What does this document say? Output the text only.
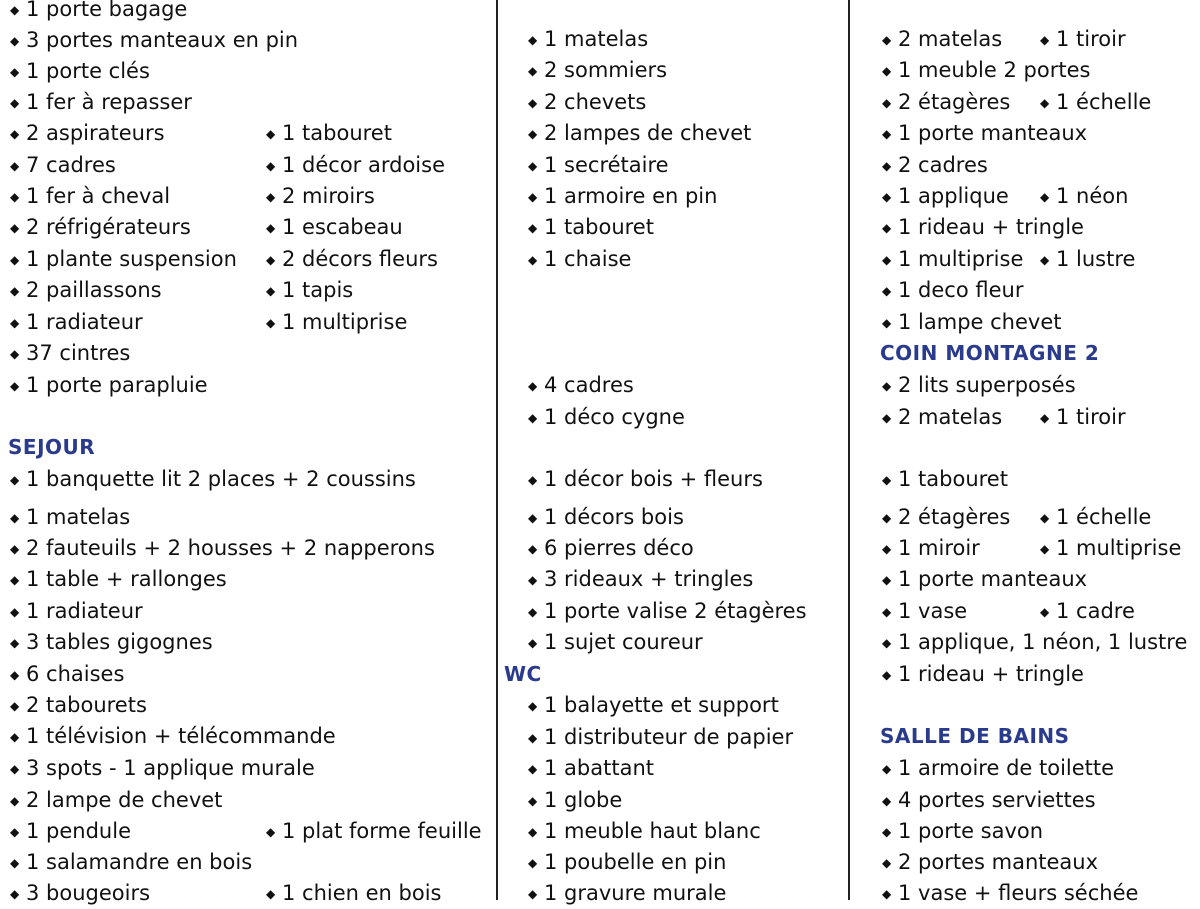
◆ 1 porte bagage
◆ 3 portes manteaux en pin
◆ 1 porte clés
◆ 1 fer à repasser
◆ 2 aspirateurs	◆ 1 tabouret
◆ 7 cadres	◆ 1 décor ardoise
◆ 1 fer à cheval	◆ 2 miroirs
◆ 2 réfrigérateurs	◆ 1 escabeau
◆ 1 plante suspension ◆ 2 décors fleurs
◆ 2 paillassons	◆ 1 tapis
◆ 1 radiateur	◆ 1 multiprise
◆ 37 cintres
◆ 1 porte parapluie
SEJOUR
◆ 1 banquette lit 2 places + 2 coussins
◆ 1 matelas
◆ 2 fauteuils + 2 housses + 2 napperons
◆ 1 table + rallonges
◆ 1 radiateur
◆ 3 tables gigognes
◆ 6 chaises
◆ 2 tabourets
◆ 1 télévision + télécommande
◆ 3 spots - 1 applique murale
◆ 2 lampe de chevet
◆ 1 pendule	◆ 1 plat forme feuille
◆ 1 salamandre en bois
◆ 3 bougeoirs	◆ 1 chien en bois
◆ 1 matelas
◆ 2 sommiers
◆ 2 chevets
◆ 2 lampes de chevet
◆ 1 secrétaire
◆ 1 armoire en pin
◆ 1 tabouret
◆ 1 chaise
◆ 4 cadres
◆ 1 déco cygne
◆ 1 décor bois + fleurs
◆ 1 décors bois
◆ 6 pierres déco
◆ 3 rideaux + tringles
◆ 1 porte valise 2 étagères
◆ 1 sujet coureur
WC
◆ 1 balayette et support
◆ 1 distributeur de papier
◆ 1 abattant
◆ 1 globe
◆ 1 meuble haut blanc
◆ 1 poubelle en pin
◆ 1 gravure murale
◆ 2 matelas	◆ 1 tiroir
◆ 1 meuble 2 portes
◆ 2 étagères ◆ 1 échelle
◆ 1 porte manteaux
◆ 2 cadres
◆ 1 applique	◆ 1 néon
◆ 1 rideau + tringle
◆ 1 multiprise ◆ 1 lustre
◆ 1 deco fleur
◆ 1 lampe chevet
COIN MONTAGNE 2
◆ 2 lits superposés
◆ 2 matelas	◆ 1 tiroir
◆ 1 tabouret
◆ 2 étagères ◆ 1 échelle
◆ 1 miroir	◆ 1 multiprise
◆ 1 porte manteaux
◆ 1 vase	◆ 1 cadre
◆ 1 applique, 1 néon, 1 lustre
◆ 1 rideau + tringle
SALLE DE BAINS
◆ 1 armoire de toilette
◆ 4 portes serviettes
◆ 1 porte savon
◆ 2 portes manteaux
◆ 1 vase + fleurs séchée
